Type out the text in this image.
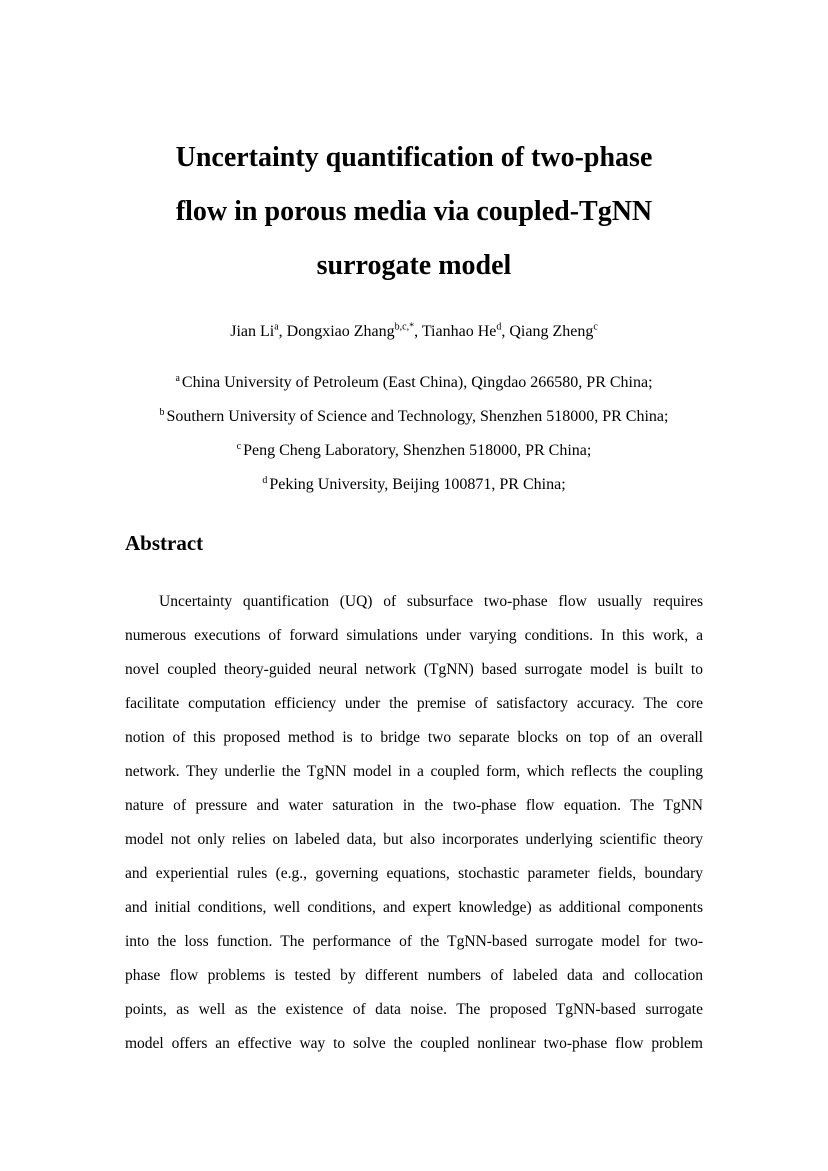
Uncertainty quantification of two-phase
flow in porous media via coupled-TgNN
surrogate model
Jian Li$^a$, Dongxiao Zhang$^{b,c,*}$, Tianhao He$^d$, Qiang Zheng$^c$
$^a$ China University of Petroleum (East China), Qingdao 266580, PR China;
$^b$ Southern University of Science and Technology, Shenzhen 518000, PR China;
$^c$ Peng Cheng Laboratory, Shenzhen 518000, PR China;
$^d$ Peking University, Beijing 100871, PR China;
Abstract
Uncertainty quantification (UQ) of subsurface two-phase flow usually requires
numerous executions of forward simulations under varying conditions. In this work, a
novel coupled theory-guided neural network (TgNN) based surrogate model is built to
facilitate computation efficiency under the premise of satisfactory accuracy. The core
notion of this proposed method is to bridge two separate blocks on top of an overall
network. They underlie the TgNN model in a coupled form, which reflects the coupling
nature of pressure and water saturation in the two-phase flow equation. The TgNN
model not only relies on labeled data, but also incorporates underlying scientific theory
and experiential rules (e.g., governing equations, stochastic parameter fields, boundary
and initial conditions, well conditions, and expert knowledge) as additional components
into the loss function. The performance of the TgNN-based surrogate model for two-
phase flow problems is tested by different numbers of labeled data and collocation
points, as well as the existence of data noise. The proposed TgNN-based surrogate
model offers an effective way to solve the coupled nonlinear two-phase flow problem
